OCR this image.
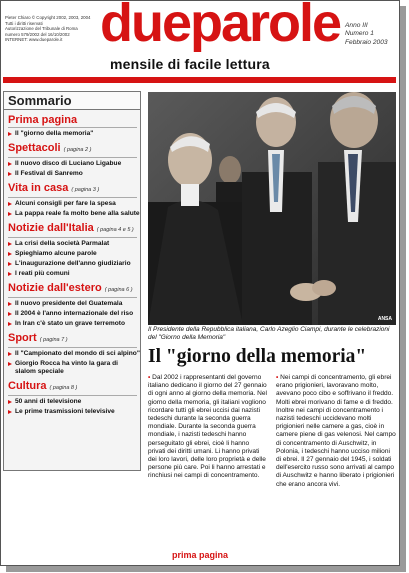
Pieter Chiaro © Copyright 2002, 2003, 2004
Tutti i diritti riservati
Autorizzazione del Tribunale di Roma
numero 579/2002 del 16/10/2002
INTERNET: www.dueparole.it dueparole
mensile di facile lettura
Anno III
Numero 1
Febbraio 2003
Sommario
Prima pagina
Il "giorno della memoria"
Spettacoli ( pagina 2 )
Il nuovo disco di Luciano Ligabue
Il Festival di Sanremo
Vita in casa ( pagina 3 )
Alcuni consigli per fare la spesa
La pappa reale fa molto bene alla salute
Notizie dall'Italia ( pagina 4 e 5 )
La crisi della società Parmalat
Spieghiamo alcune parole
L'inaugurazione dell'anno giudiziario
I reati più comuni
Notizie dall'estero ( pagina 6 )
Il nuovo presidente del Guatemala
Il 2004 è l'anno internazionale del riso
In Iran c'è stato un grave terremoto
Sport ( pagina 7 )
Il "Campionato del mondo di sci alpino"
Giorgio Rocca ha vinto la gara di slalom speciale
Cultura ( pagina 8 )
50 anni di televisione
Le prime trasmissioni televisive
ANSA
Il Presidente della Repubblica italiana, Carlo Azeglio Ciampi, durante le celebrazioni del "Giorno della Memoria"
Il "giorno della memoria"
• Dal 2002 i rappresentanti del governo italiano dedicano il giorno del 27 gennaio di ogni anno al giorno della memoria. Nel giorno della memoria, gli italiani vogliono ricordare tutti gli ebrei uccisi dai nazisti tedeschi durante la seconda guerra mondiale. Durante la seconda guerra mondiale, i nazisti tedeschi hanno perseguitato gli ebrei, cioè li hanno privati dei diritti umani. Li hanno privati dei loro lavori, delle loro proprietà e delle persone più care. Poi li hanno arrestati e rinchiusi nei campi di concentramento.
• Nei campi di concentramento, gli ebrei erano prigionieri, lavoravano molto, avevano poco cibo e soffrivano il freddo. Molti ebrei morivano di fame e di freddo. Inoltre nei campi di concentramento i nazisti tedeschi uccidevano molti prigionieri nelle camere a gas, cioè in camere piene di gas velenosi. Nel campo di concentramento di Auschwitz, in Polonia, i tedeschi hanno ucciso milioni di ebrei. Il 27 gennaio del 1945, i soldati dell'esercito russo sono arrivati al campo di Auschwitz e hanno liberato i prigionieri che erano ancora vivi.
prima pagina
